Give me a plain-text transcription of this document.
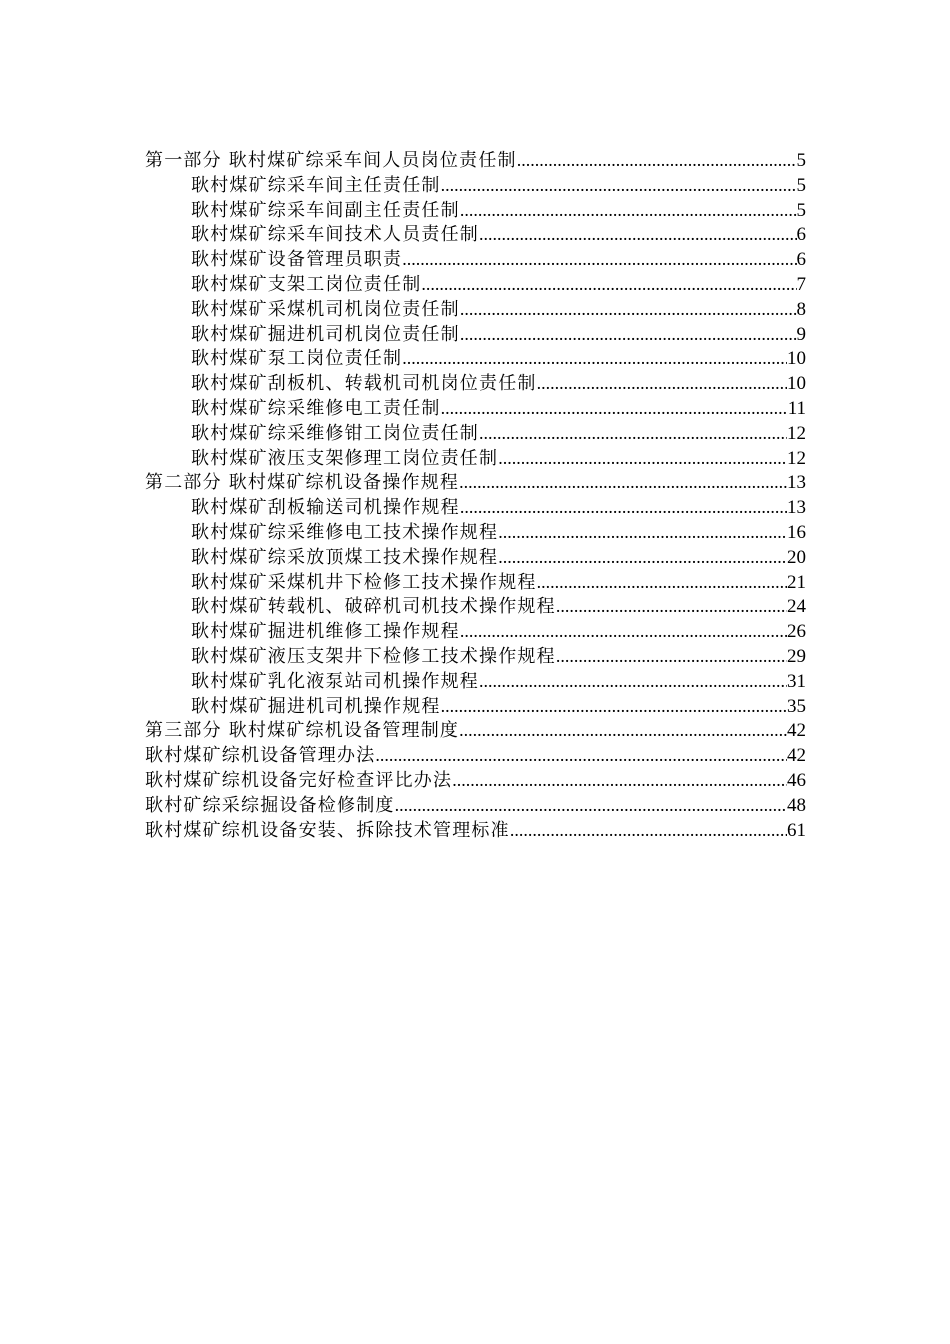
第一部分 耿村煤矿综采车间人员岗位责任制 .....	5
耿村煤矿综采车间主任责任制 .....	5
耿村煤矿综采车间副主任责任制 .....	5
耿村煤矿综采车间技术人员责任制 .....	6
耿村煤矿设备管理员职责 .....	6
耿村煤矿支架工岗位责任制 .....	7
耿村煤矿采煤机司机岗位责任制 .....	8
耿村煤矿掘进机司机岗位责任制 .....	9
耿村煤矿泵工岗位责任制 .....	10
耿村煤矿刮板机、转载机司机岗位责任制 .....	10
耿村煤矿综采维修电工责任制 .....	11
耿村煤矿综采维修钳工岗位责任制 .....	12
耿村煤矿液压支架修理工岗位责任制 .....	12
第二部分 耿村煤矿综机设备操作规程 .....	13
耿村煤矿刮板输送司机操作规程 .....	13
耿村煤矿综采维修电工技术操作规程 .....	16
耿村煤矿综采放顶煤工技术操作规程 .....	20
耿村煤矿采煤机井下检修工技术操作规程 .....	21
耿村煤矿转载机、破碎机司机技术操作规程 .....	24
耿村煤矿掘进机维修工操作规程 .....	26
耿村煤矿液压支架井下检修工技术操作规程 .....	29
耿村煤矿乳化液泵站司机操作规程 .....	31
耿村煤矿掘进机司机操作规程 .....	35
第三部分 耿村煤矿综机设备管理制度 .....	42
耿村煤矿综机设备管理办法 .....	42
耿村煤矿综机设备完好检查评比办法 .....	46
耿村矿综采综掘设备检修制度 .....	48
耿村煤矿综机设备安装、拆除技术管理标准 .....	61
